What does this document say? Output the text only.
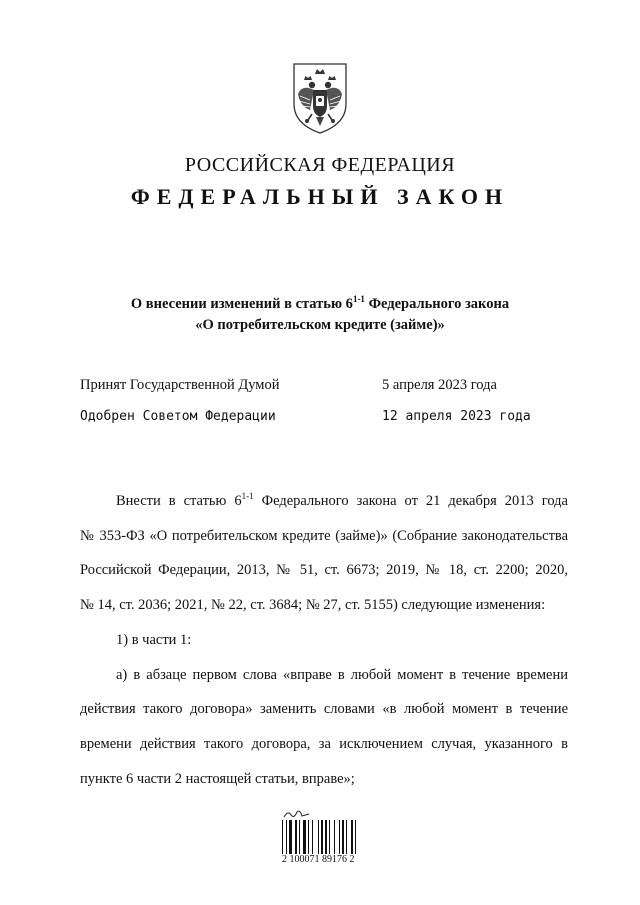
РОССИЙСКАЯ ФЕДЕРАЦИЯ
ФЕДЕРАЛЬНЫЙ ЗАКОН
О внесении изменений в статью 6$^{1-1}$ Федерального закона
«О потребительском кредите (займе)»
Принят Государственной Думой	5 апреля 2023 года
Одобрен Советом Федерации	12 апреля 2023 года

Внести в статью 6$^{1-1}$ Федерального закона от 21 декабря 2013 года

№ 353-ФЗ «О потребительском кредите (займе)» (Собрание законодательства

Российской Федерации, 2013, № 51, ст. 6673; 2019, № 18, ст. 2200; 2020,

№ 14, ст. 2036; 2021, № 22, ст. 3684; № 27, ст. 5155) следующие изменения:

1) в части 1:

а) в абзаце первом слова «вправе в любой момент в течение времени

действия такого договора» заменить словами «в любой момент в течение

времени действия такого договора, за исключением случая, указанного в

пункте 6 части 2 настоящей статьи, вправе»;

2 100071 89176 2
